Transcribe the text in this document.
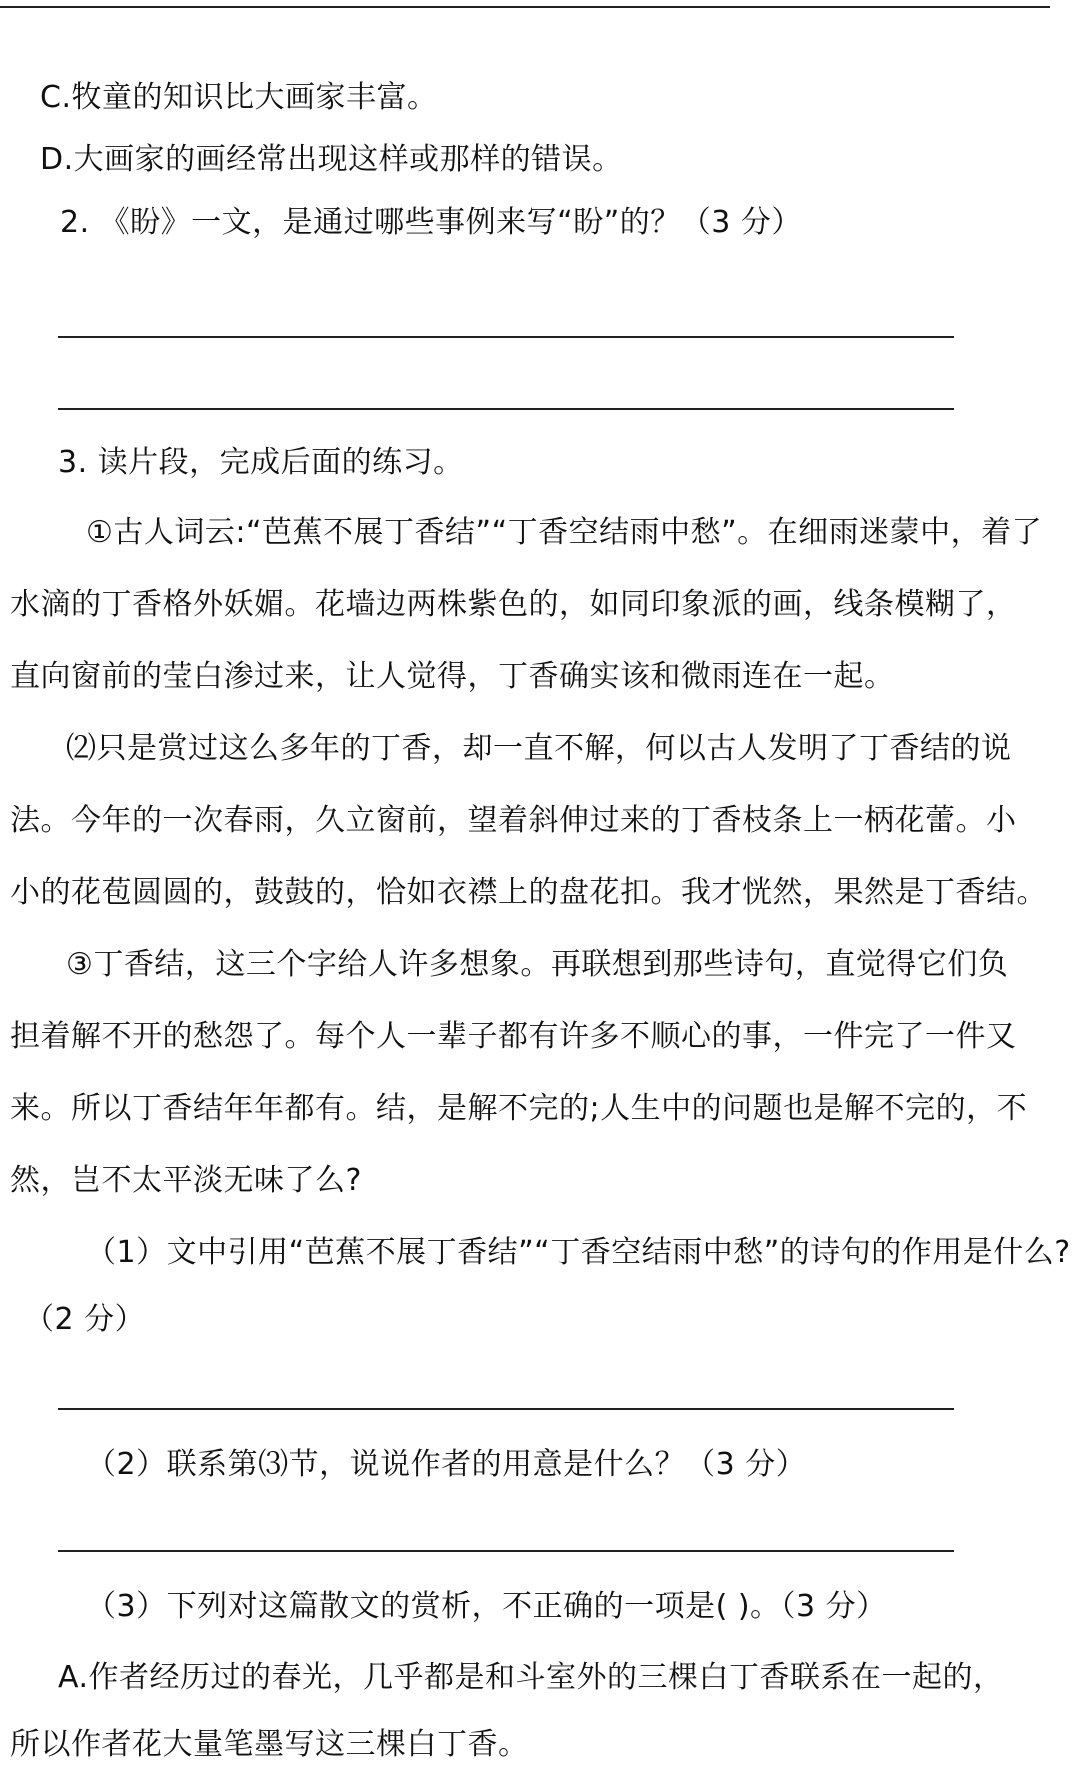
C.牧童的知识比大画家丰富。
D.大画家的画经常出现这样或那样的错误。
2. 《盼》一文，是通过哪些事例来写“盼”的？（3 分）
3. 读片段，完成后面的练习。
①古人词云:“芭蕉不展丁香结”“丁香空结雨中愁”。在细雨迷蒙中，着了
水滴的丁香格外妖媚。花墙边两株紫色的，如同印象派的画，线条模糊了，
直向窗前的莹白渗过来，让人觉得，丁香确实该和微雨连在一起。
⑵只是赏过这么多年的丁香，却一直不解，何以古人发明了丁香结的说
法。今年的一次春雨，久立窗前，望着斜伸过来的丁香枝条上一柄花蕾。小
小的花苞圆圆的，鼓鼓的，恰如衣襟上的盘花扣。我才恍然，果然是丁香结。
③丁香结，这三个字给人许多想象。再联想到那些诗句，直觉得它们负
担着解不开的愁怨了。每个人一辈子都有许多不顺心的事，一件完了一件又
来。所以丁香结年年都有。结，是解不完的;人生中的问题也是解不完的，不
然，岂不太平淡无味了么?
（1）文中引用“芭蕉不展丁香结”“丁香空结雨中愁”的诗句的作用是什么?
（2 分）
（2）联系第⑶节，说说作者的用意是什么？（3 分）
（3）下列对这篇散文的赏析，不正确的一项是( )。（3 分）
A.作者经历过的春光，几乎都是和斗室外的三棵白丁香联系在一起的，
所以作者花大量笔墨写这三棵白丁香。
